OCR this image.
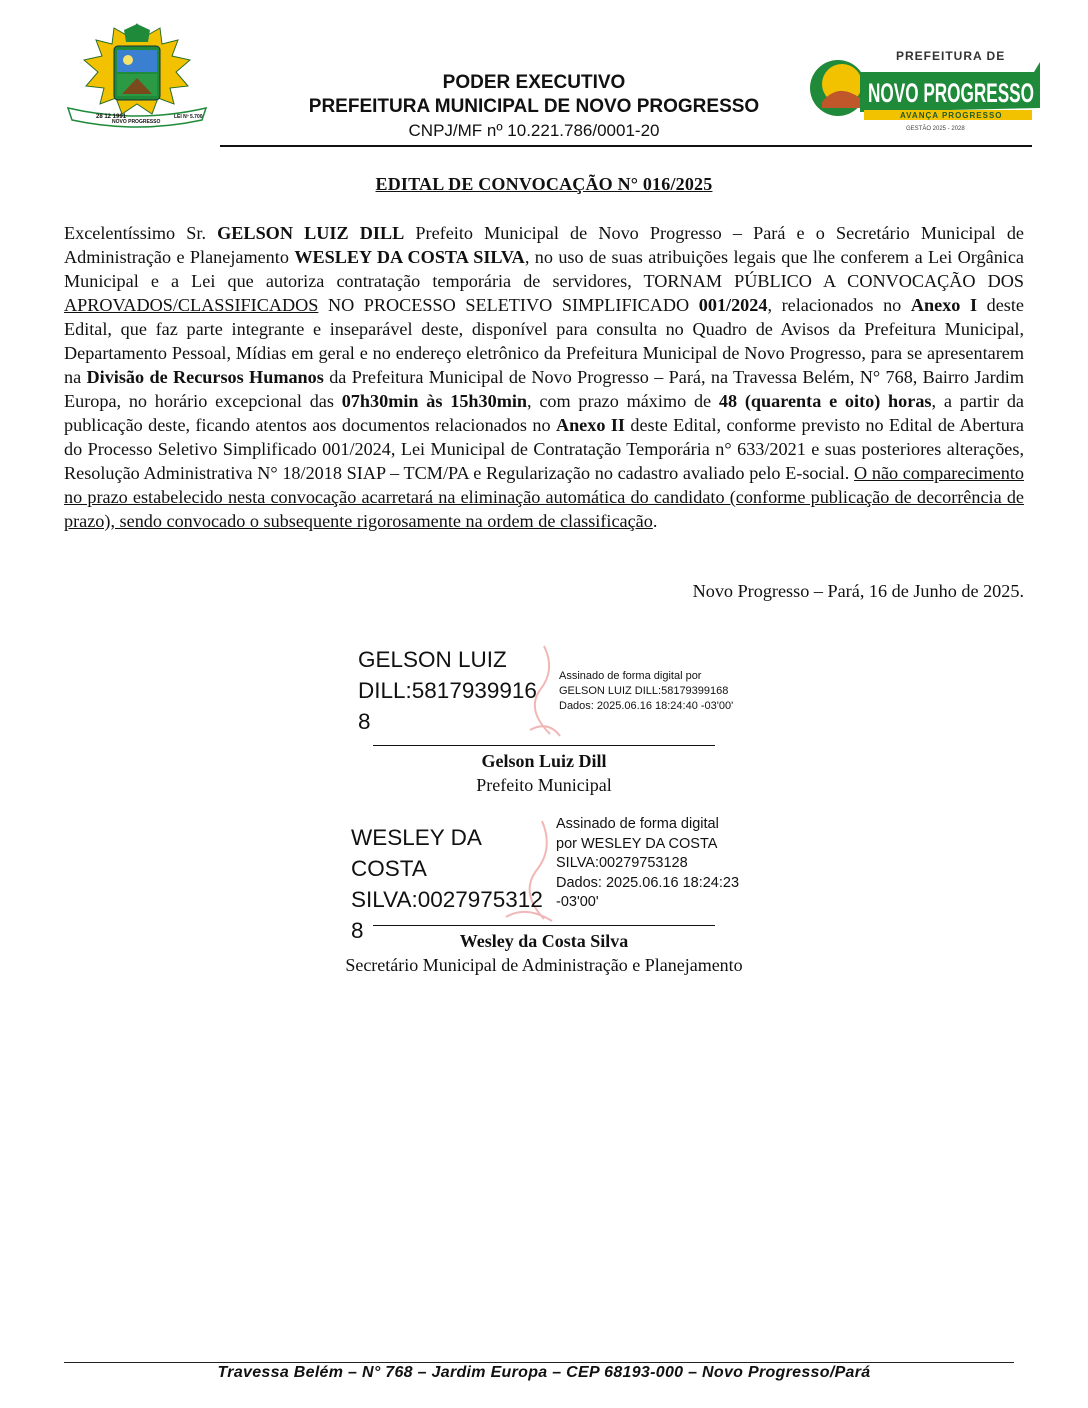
28 12 1991
NOVO PROGRESSO
LEI Nº 5.700
PODER EXECUTIVO
PREFEITURA MUNICIPAL DE NOVO PROGRESSO
CNPJ/MF nº 10.221.786/0001-20
PREFEITURA DE
NOVO PROGRESSO
AVANÇA PROGRESSO
GESTÃO 2025 - 2028
EDITAL DE CONVOCAÇÃO N° 016/2025
Excelentíssimo Sr. GELSON LUIZ DILL Prefeito Municipal de Novo Progresso – Pará e o Secretário Municipal de Administração e Planejamento WESLEY DA COSTA SILVA, no uso de suas atribuições legais que lhe conferem a Lei Orgânica Municipal e a Lei que autoriza contratação temporária de servidores, TORNAM PÚBLICO A CONVOCAÇÃO DOS APROVADOS/CLASSIFICADOS NO PROCESSO SELETIVO SIMPLIFICADO 001/2024, relacionados no Anexo I deste Edital, que faz parte integrante e inseparável deste, disponível para consulta no Quadro de Avisos da Prefeitura Municipal, Departamento Pessoal, Mídias em geral e no endereço eletrônico da Prefeitura Municipal de Novo Progresso, para se apresentarem na Divisão de Recursos Humanos da Prefeitura Municipal de Novo Progresso – Pará, na Travessa Belém, N° 768, Bairro Jardim Europa, no horário excepcional das 07h30min às 15h30min, com prazo máximo de 48 (quarenta e oito) horas, a partir da publicação deste, ficando atentos aos documentos relacionados no Anexo II deste Edital, conforme previsto no Edital de Abertura do Processo Seletivo Simplificado 001/2024, Lei Municipal de Contratação Temporária n° 633/2021 e suas posteriores alterações, Resolução Administrativa N° 18/2018 SIAP – TCM/PA e Regularização no cadastro avaliado pelo E-social. O não comparecimento no prazo estabelecido nesta convocação acarretará na eliminação automática do candidato (conforme publicação de decorrência de prazo), sendo convocado o subsequente rigorosamente na ordem de classificação.
Novo Progresso – Pará, 16 de Junho de 2025.
GELSON LUIZ
DILL:5817939916
8
Assinado de forma digital por
GELSON LUIZ DILL:58179399168
Dados: 2025.06.16 18:24:40 -03'00'
Gelson Luiz Dill
Prefeito Municipal
WESLEY DA COSTA
SILVA:0027975312
8
Assinado de forma digital
por WESLEY DA COSTA
SILVA:00279753128
Dados: 2025.06.16 18:24:23
-03'00'
Wesley da Costa Silva
Secretário Municipal de Administração e Planejamento
Travessa Belém – N° 768 – Jardim Europa – CEP 68193-000 – Novo Progresso/Pará
